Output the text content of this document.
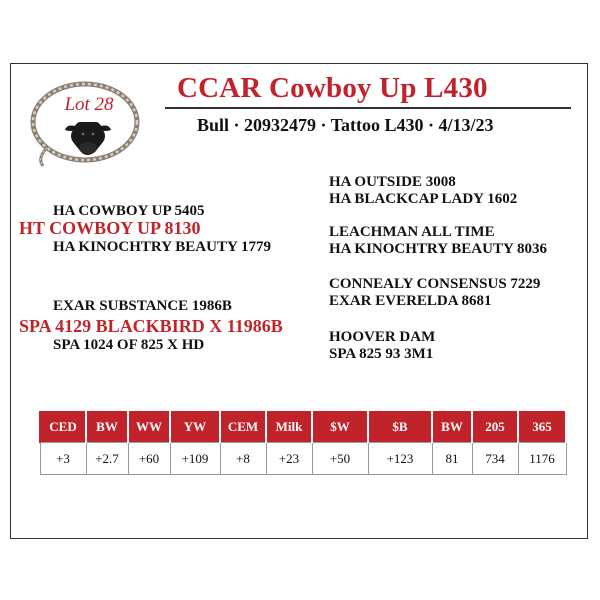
Lot 28
CCAR Cowboy Up L430
Bull · 20932479 · Tattoo L430 · 4/13/23
HA COWBOY UP 5405
HT COWBOY UP 8130
HA KINOCHTRY BEAUTY 1779
HA OUTSIDE 3008
HA BLACKCAP LADY 1602
LEACHMAN ALL TIME
HA KINOCHTRY BEAUTY 8036
EXAR SUBSTANCE 1986B
SPA 4129 BLACKBIRD X 11986B
SPA 1024 OF 825 X HD
CONNEALY CONSENSUS 7229
EXAR EVERELDA 8681
HOOVER DAM
SPA 825 93 3M1
CED	BW	WW	YW	CEM	Milk	$W	$B	BW	205	365
+3	+2.7	+60	+109	+8	+23	+50	+123	81	734	1176
